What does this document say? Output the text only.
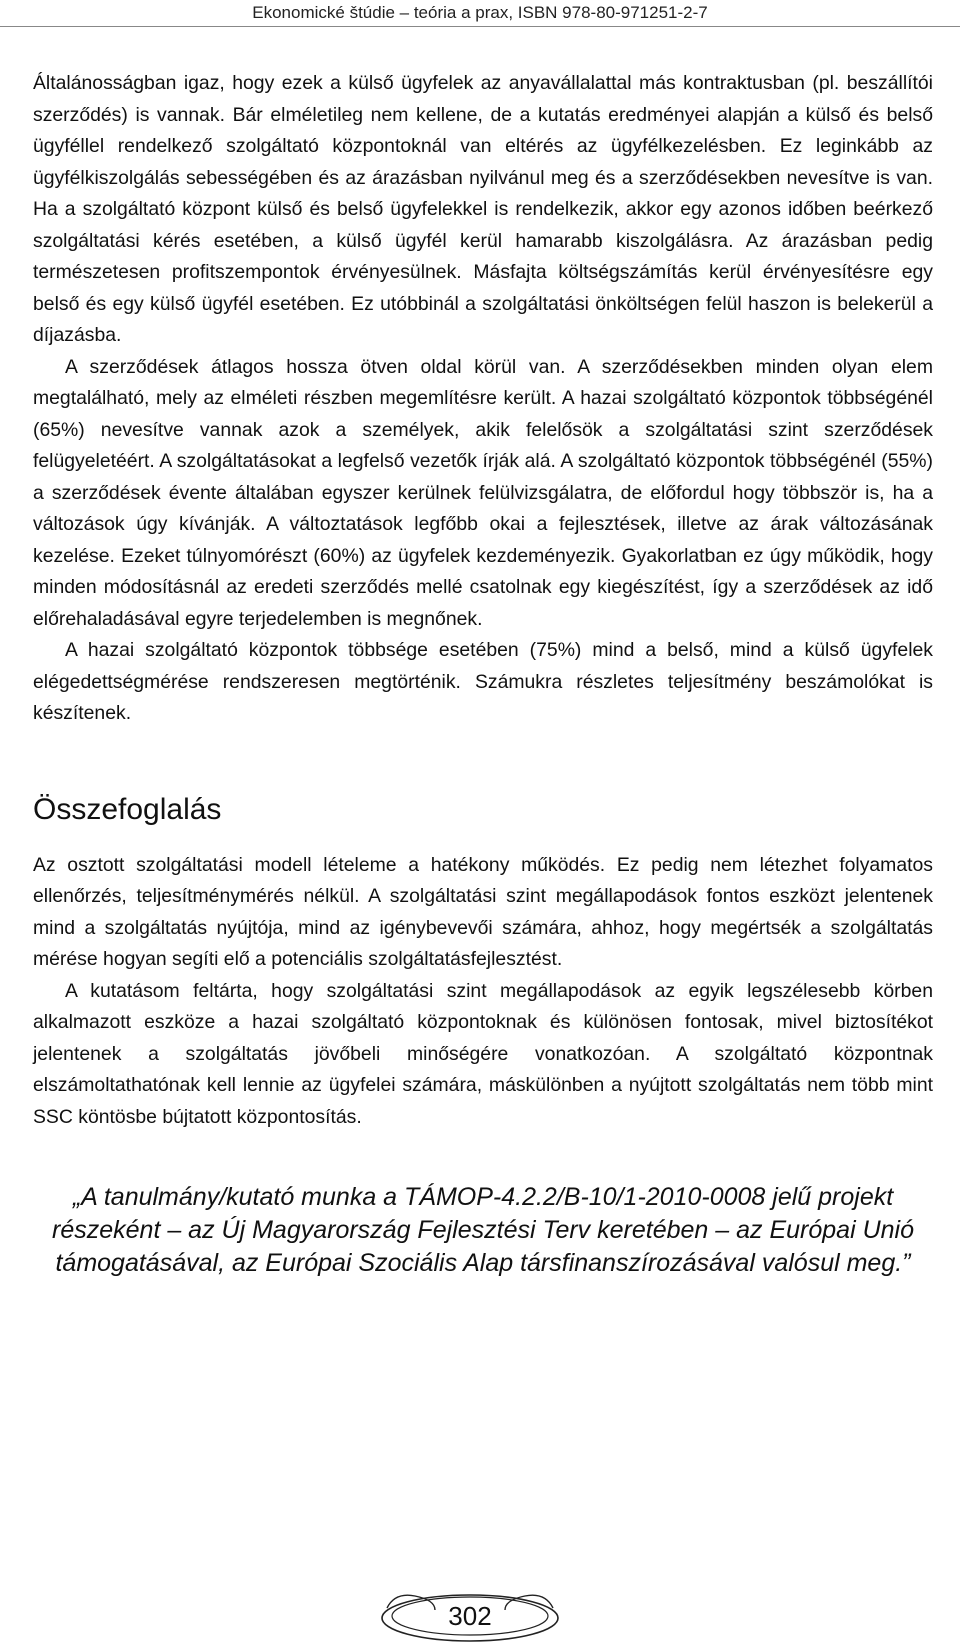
Ekonomické štúdie – teória a prax, ISBN 978-80-971251-2-7

Általánosságban igaz, hogy ezek a külső ügyfelek az anyavállalattal más kontraktusban (pl. beszállítói szerződés) is vannak. Bár elméletileg nem kellene, de a kutatás eredményei alapján a külső és belső ügyféllel rendelkező szolgáltató központoknál van eltérés az ügyfélkezelésben. Ez leginkább az ügyfélkiszolgálás sebességében és az árazásban nyilvánul meg és a szerződésekben nevesítve is van. Ha a szolgáltató központ külső és belső ügyfelekkel is rendelkezik, akkor egy azonos időben beérkező szolgáltatási kérés esetében, a külső ügyfél kerül hamarabb kiszolgálásra. Az árazásban pedig természetesen profitszempontok érvényesülnek. Másfajta költségszámítás kerül érvényesítésre egy belső és egy külső ügyfél esetében. Ez utóbbinál a szolgáltatási önköltségen felül haszon is belekerül a díjazásba.

A szerződések átlagos hossza ötven oldal körül van. A szerződésekben minden olyan elem megtalálható, mely az elméleti részben megemlítésre került. A hazai szolgáltató központok többségénél (65%) nevesítve vannak azok a személyek, akik felelősök a szolgáltatási szint szerződések felügyeletéért. A szolgáltatásokat a legfelső vezetők írják alá. A szolgáltató központok többségénél (55%) a szerződések évente általában egyszer kerülnek felülvizsgálatra, de előfordul hogy többször is, ha a változások úgy kívánják. A változtatások legfőbb okai a fejlesztések, illetve az árak változásának kezelése. Ezeket túlnyomórészt (60%) az ügyfelek kezdeményezik. Gyakorlatban ez úgy működik, hogy minden módosításnál az eredeti szerződés mellé csatolnak egy kiegészítést, így a szerződések az idő előrehaladásával egyre terjedelemben is megnőnek.

A hazai szolgáltató központok többsége esetében (75%) mind a belső, mind a külső ügyfelek elégedettségmérése rendszeresen megtörténik. Számukra részletes teljesítmény beszámolókat is készítenek.

Összefoglalás

Az osztott szolgáltatási modell lételeme a hatékony működés. Ez pedig nem létezhet folyamatos ellenőrzés, teljesítménymérés nélkül. A szolgáltatási szint megállapodások fontos eszközt jelentenek mind a szolgáltatás nyújtója, mind az igénybevevői számára, ahhoz, hogy megértsék a szolgáltatás mérése hogyan segíti elő a potenciális szolgáltatásfejlesztést.

A kutatásom feltárta, hogy szolgáltatási szint megállapodások az egyik legszélesebb körben alkalmazott eszköze a hazai szolgáltató központoknak és különösen fontosak, mivel biztosítékot jelentenek a szolgáltatás jövőbeli minőségére vonatkozóan. A szolgáltató központnak elszámoltathatónak kell lennie az ügyfelei számára, máskülönben a nyújtott szolgáltatás nem több mint SSC köntösbe bújtatott központosítás.

„A tanulmány/kutató munka a TÁMOP-4.2.2/B-10/1-2010-0008 jelű projekt részeként – az Új Magyarország Fejlesztési Terv keretében – az Európai Unió támogatásával, az Európai Szociális Alap társfinanszírozásával valósul meg.”

302
